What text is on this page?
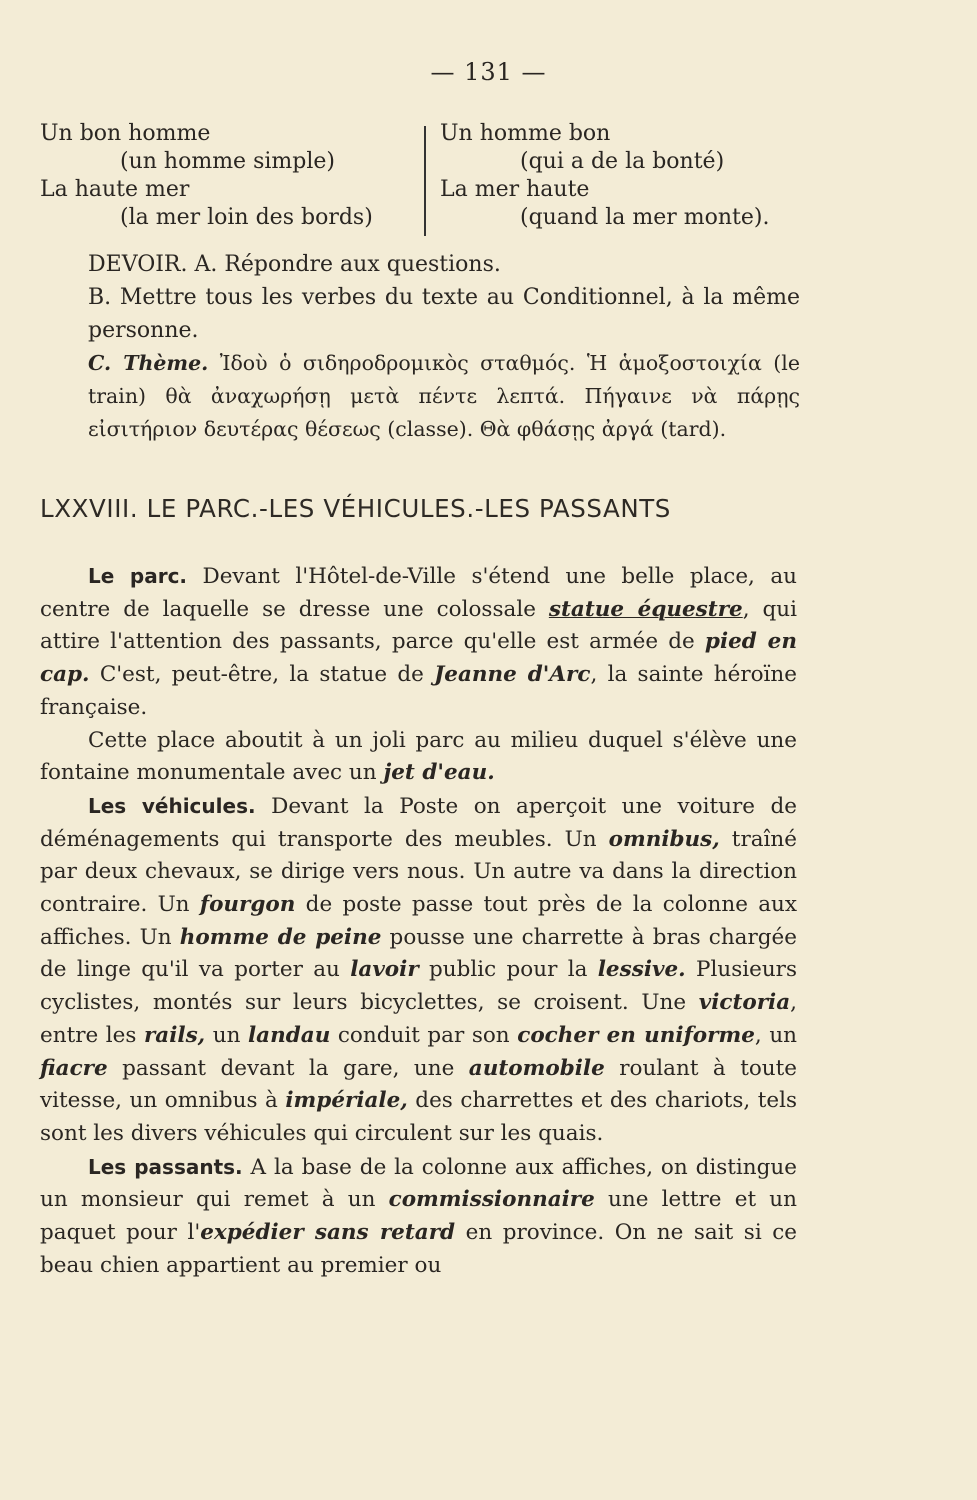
— 131 —
Un bon homme
(un homme simple)
La haute mer
(la mer loin des bords)
Un homme bon
(qui a de la bonté)
La mer haute
(quand la mer monte).

DEVOIR. A. Répondre aux questions.

B. Mettre tous les verbes du texte au Conditionnel, à la même personne.

C. Thème. Ἰδοὺ ὁ σιδηροδρομικὸς σταθμός. Ἡ ἁμοξοστοιχία (le train) θὰ ἀναχωρήσῃ μετὰ πέντε λεπτά. Πήγαινε νὰ πάρῃς εἰσιτήριον δευτέρας θέσεως (classe). Θὰ φθάσῃς ἀργά (tard).

LXXVIII. LE PARC.-LES VÉHICULES.-LES PASSANTS

Le parc. Devant l'Hôtel-de-Ville s'étend une belle place, au centre de laquelle se dresse une colossale statue équestre, qui attire l'attention des passants, parce qu'elle est armée de pied en cap. C'est, peut-être, la statue de Jeanne d'Arc, la sainte héroïne française.

Cette place aboutit à un joli parc au milieu duquel s'élève une fontaine monumentale avec un jet d'eau.

Les véhicules. Devant la Poste on aperçoit une voiture de déménagements qui transporte des meubles. Un omnibus, traîné par deux chevaux, se dirige vers nous. Un autre va dans la direction contraire. Un fourgon de poste passe tout près de la colonne aux affiches. Un homme de peine pousse une charrette à bras chargée de linge qu'il va porter au lavoir public pour la lessive. Plusieurs cyclistes, montés sur leurs bicyclettes, se croisent. Une victoria, entre les rails, un landau conduit par son cocher en uniforme, un fiacre passant devant la gare, une automobile roulant à toute vitesse, un omnibus à impériale, des charrettes et des chariots, tels sont les divers véhicules qui circulent sur les quais.

Les passants. A la base de la colonne aux affiches, on distingue un monsieur qui remet à un commissionnaire une lettre et un paquet pour l'expédier sans retard en province. On ne sait si ce beau chien appartient au premier ou
